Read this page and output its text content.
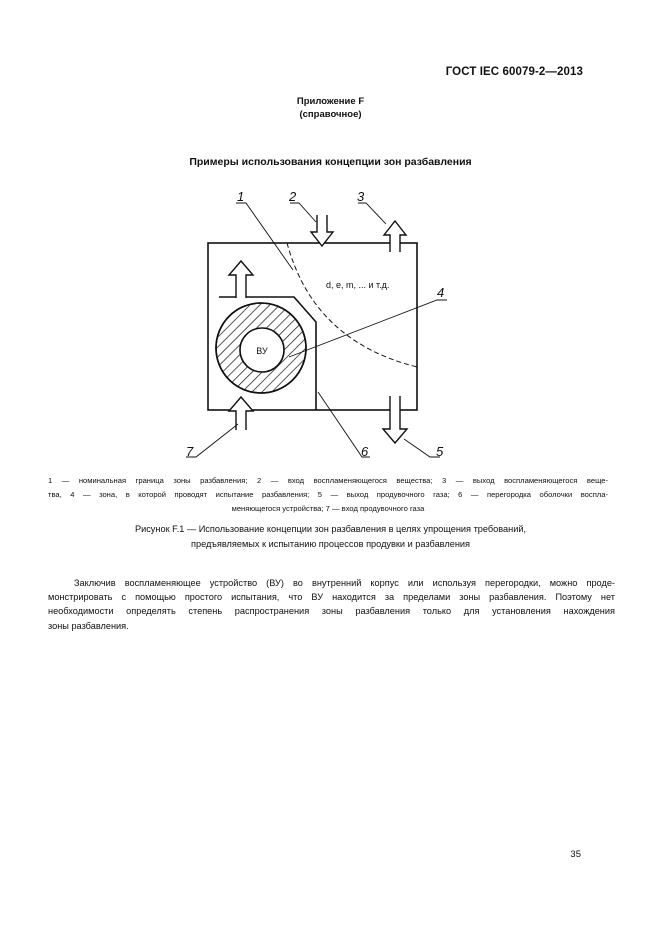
ГОСТ IEC 60079-2—2013
Приложение F
(справочное)
Примеры использования концепции зон разбавления
ВУ
d, e, m, ... и т.д.
1	2	3
4
5
6
7
1 — номинальная граница зоны разбавления; 2 — вход воспламеняющегося вещества; 3 — выход воспламеняющегося веще-
тва, 4 — зона, в которой проводят испытание разбавления; 5 — выход продувочного газа; 6 — перегородка оболочки воспла-
меняющегося устройства; 7 — вход продувочного газа
Рисунок F.1 — Использование концепции зон разбавления в целях упрощения требований,
предъявляемых к испытанию процессов продувки и разбавления
Заключив воспламеняющее устройство (ВУ) во внутренний корпус или используя перегородки, можно проде-
монстрировать с помощью простого испытания, что ВУ находится за пределами зоны разбавления. Поэтому нет
необходимости определять степень распространения зоны разбавления только для установления нахождения
зоны разбавления.
35
